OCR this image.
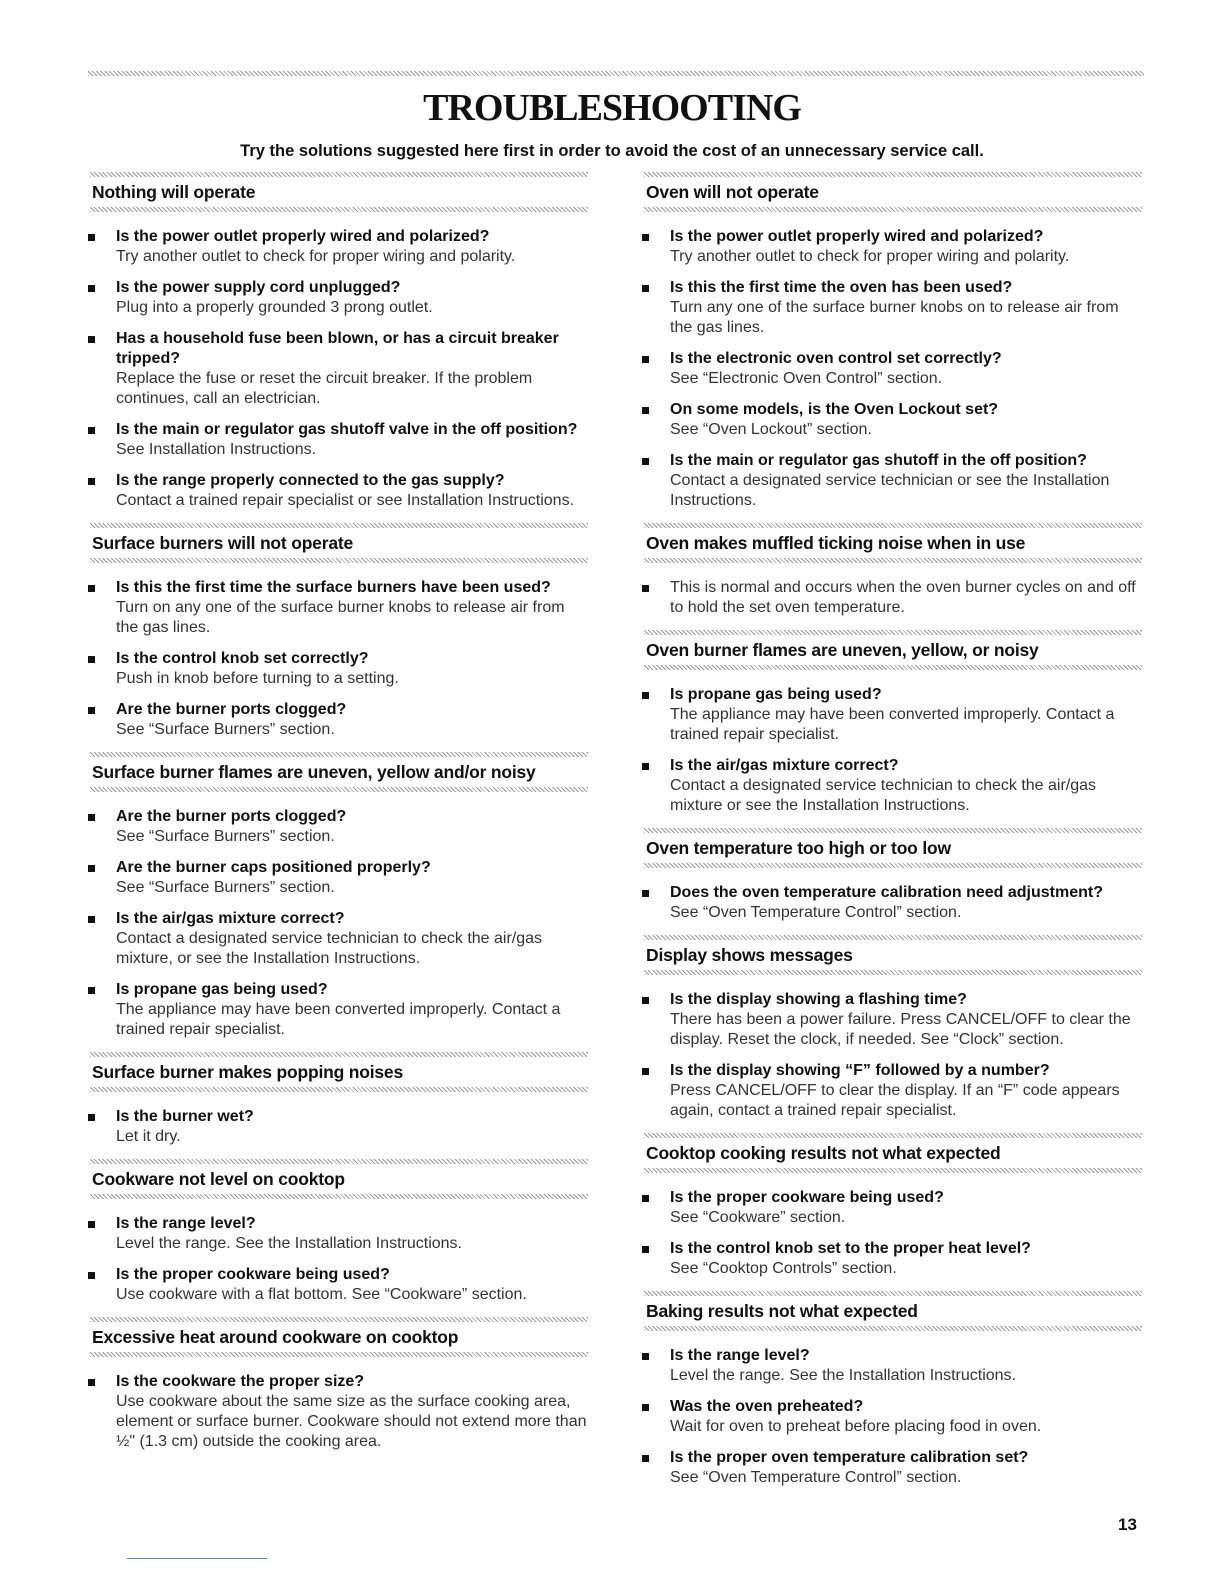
TROUBLESHOOTING
Try the solutions suggested here first in order to avoid the cost of an unnecessary service call.
Nothing will operate
Is the power outlet properly wired and polarized?
Try another outlet to check for proper wiring and polarity.
Is the power supply cord unplugged?
Plug into a properly grounded 3 prong outlet.
Has a household fuse been blown, or has a circuit breaker tripped?
Replace the fuse or reset the circuit breaker. If the problem continues, call an electrician.
Is the main or regulator gas shutoff valve in the off position?
See Installation Instructions.
Is the range properly connected to the gas supply?
Contact a trained repair specialist or see Installation Instructions.
Surface burners will not operate
Is this the first time the surface burners have been used?
Turn on any one of the surface burner knobs to release air from the gas lines.
Is the control knob set correctly?
Push in knob before turning to a setting.
Are the burner ports clogged?
See “Surface Burners” section.
Surface burner flames are uneven, yellow and/or noisy
Are the burner ports clogged?
See “Surface Burners” section.
Are the burner caps positioned properly?
See “Surface Burners” section.
Is the air/gas mixture correct?
Contact a designated service technician to check the air/gas mixture, or see the Installation Instructions.
Is propane gas being used?
The appliance may have been converted improperly. Contact a trained repair specialist.
Surface burner makes popping noises
Is the burner wet?
Let it dry.
Cookware not level on cooktop
Is the range level?
Level the range. See the Installation Instructions.
Is the proper cookware being used?
Use cookware with a flat bottom. See “Cookware” section.
Excessive heat around cookware on cooktop
Is the cookware the proper size?
Use cookware about the same size as the surface cooking area, element or surface burner. Cookware should not extend more than ½" (1.3 cm) outside the cooking area.
Oven will not operate
Is the power outlet properly wired and polarized?
Try another outlet to check for proper wiring and polarity.
Is this the first time the oven has been used?
Turn any one of the surface burner knobs on to release air from the gas lines.
Is the electronic oven control set correctly?
See “Electronic Oven Control” section.
On some models, is the Oven Lockout set?
See “Oven Lockout” section.
Is the main or regulator gas shutoff in the off position?
Contact a designated service technician or see the Installation Instructions.
Oven makes muffled ticking noise when in use
This is normal and occurs when the oven burner cycles on and off to hold the set oven temperature.
Oven burner flames are uneven, yellow, or noisy
Is propane gas being used?
The appliance may have been converted improperly. Contact a trained repair specialist.
Is the air/gas mixture correct?
Contact a designated service technician to check the air/gas mixture or see the Installation Instructions.
Oven temperature too high or too low
Does the oven temperature calibration need adjustment?
See “Oven Temperature Control” section.
Display shows messages
Is the display showing a flashing time?
There has been a power failure. Press CANCEL/OFF to clear the display. Reset the clock, if needed. See “Clock” section.
Is the display showing “F” followed by a number?
Press CANCEL/OFF to clear the display. If an “F” code appears again, contact a trained repair specialist.
Cooktop cooking results not what expected
Is the proper cookware being used?
See “Cookware” section.
Is the control knob set to the proper heat level?
See “Cooktop Controls” section.
Baking results not what expected
Is the range level?
Level the range. See the Installation Instructions.
Was the oven preheated?
Wait for oven to preheat before placing food in oven.
Is the proper oven temperature calibration set?
See “Oven Temperature Control” section.
13
